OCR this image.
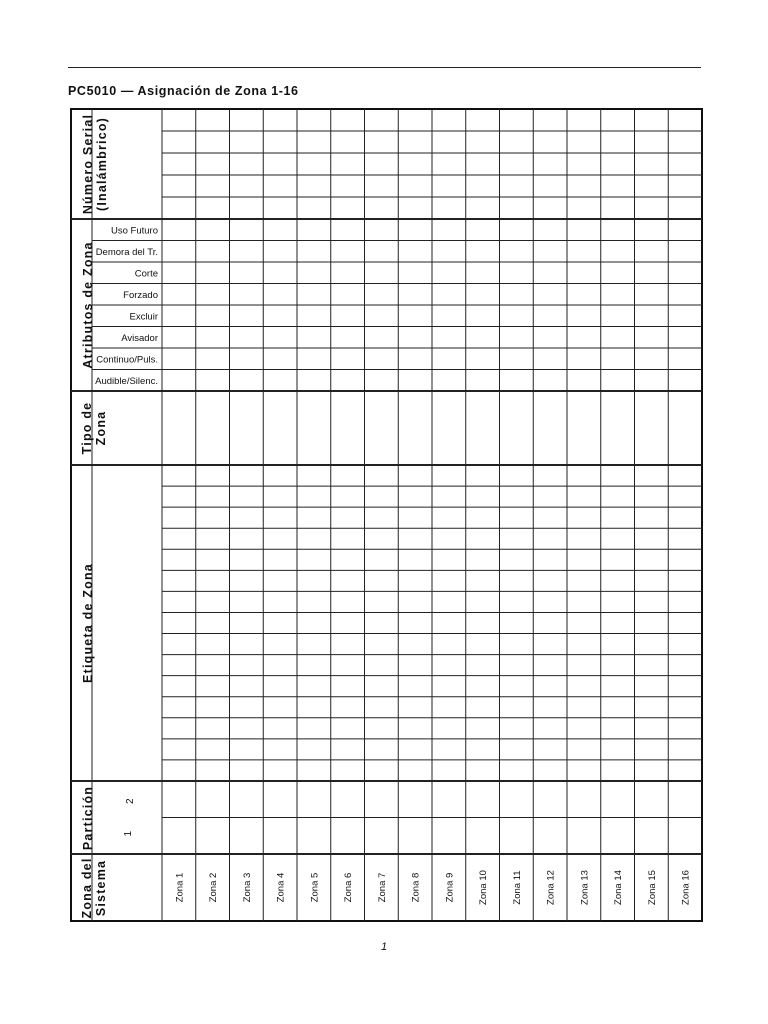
PC5010 — Asignación de Zona 1-16
Número Serial(Inalámbrico)
Atributos de Zona
Tipo deZona
Etiqueta de Zona
Partición
Zona delSistema
Uso Futuro
Demora del Tr.
Corte
Forzado
Excluir
Avisador
Continuo/Puls.
Audible/Silenc.
1
2
Zona 1 Zona 2 Zona 3 Zona 4 Zona 5 Zona 6 Zona 7 Zona 8 Zona 9 Zona 10 Zona 11 Zona 12 Zona 13 Zona 14 Zona 15 Zona 16
1
